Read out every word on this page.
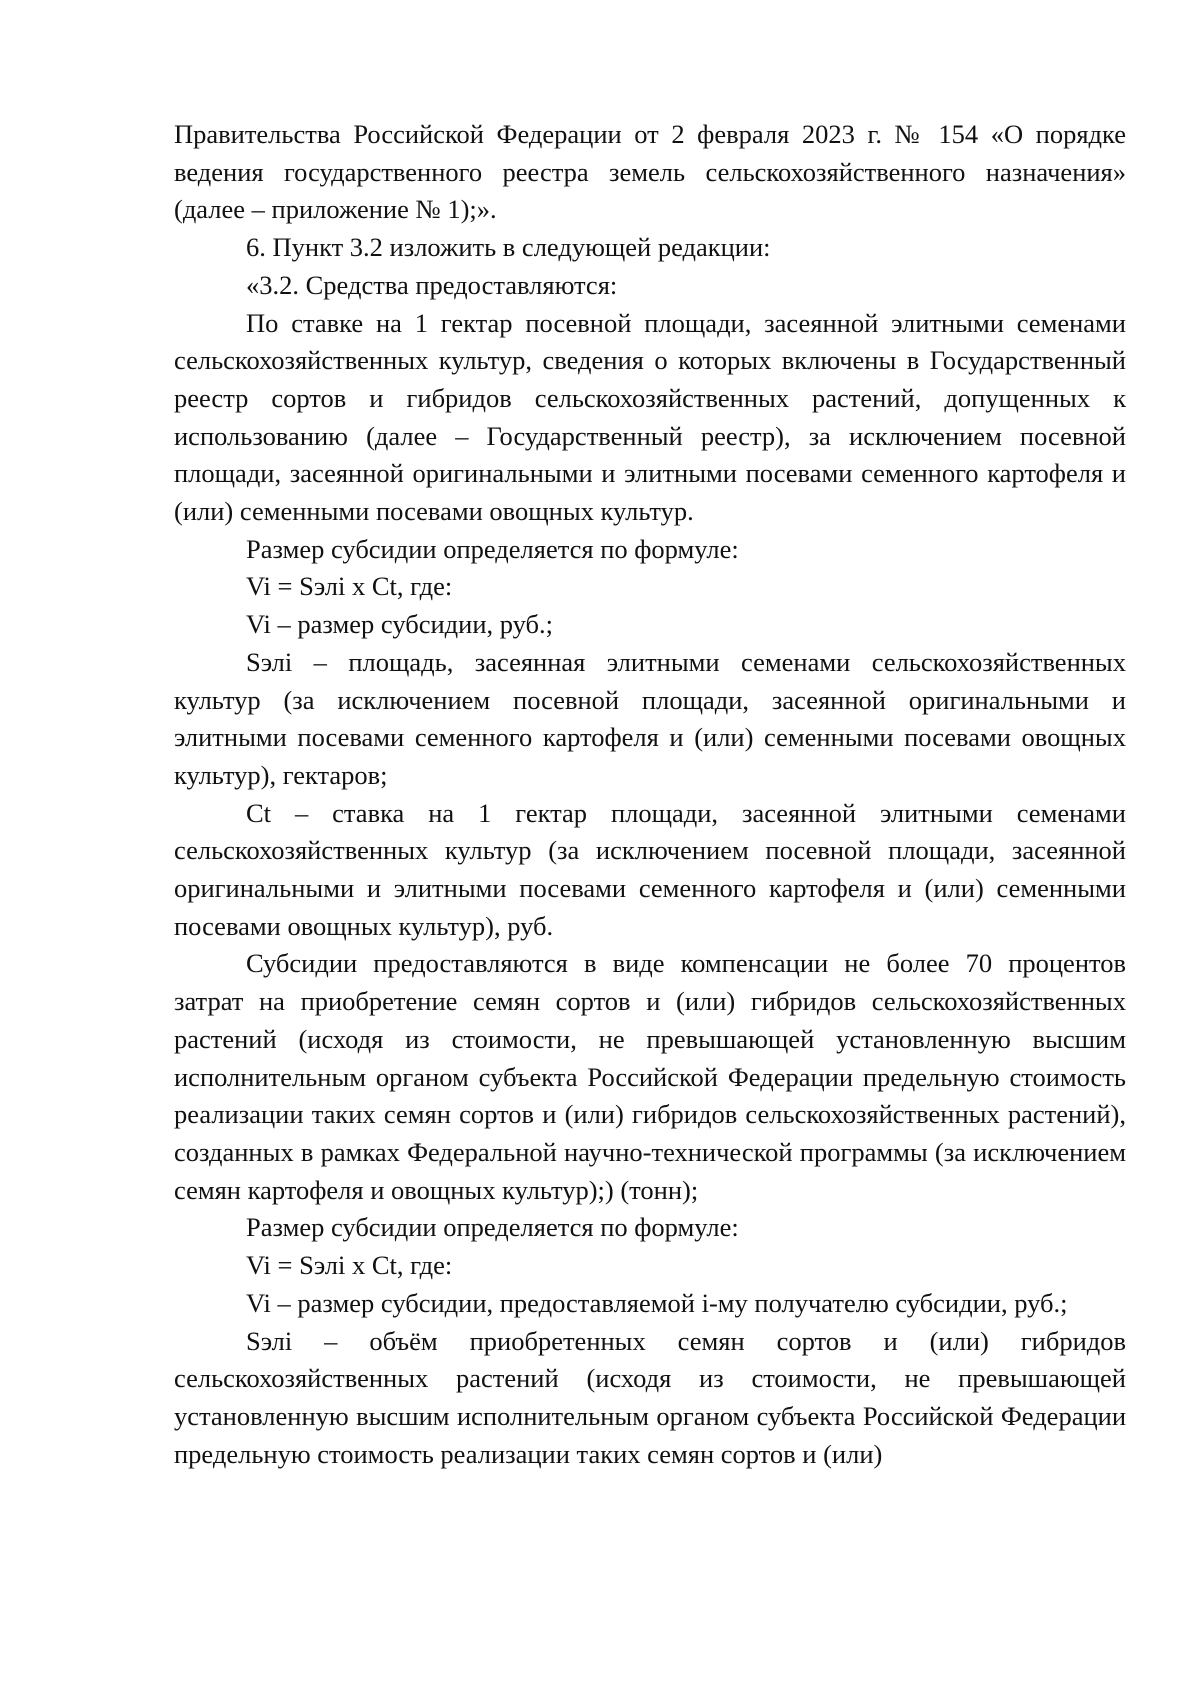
Правительства Российской Федерации от 2 февраля 2023 г. № 154 «О порядке ведения государственного реестра земель сельскохозяйственного назначения» (далее – приложение № 1);».

6. Пункт 3.2 изложить в следующей редакции:

«3.2. Средства предоставляются:

По ставке на 1 гектар посевной площади, засеянной элитными семенами сельскохозяйственных культур, сведения о которых включены в Государственный реестр сортов и гибридов сельскохозяйственных растений, допущенных к использованию (далее – Государственный реестр), за исключением посевной площади, засеянной оригинальными и элитными посевами семенного картофеля и (или) семенными посевами овощных культур.

Размер субсидии определяется по формуле:

Vi = Sэлi x Ct, где:

Vi – размер субсидии, руб.;

Sэлi – площадь, засеянная элитными семенами сельскохозяйственных культур (за исключением посевной площади, засеянной оригинальными и элитными посевами семенного картофеля и (или) семенными посевами овощных культур), гектаров;

Ct – ставка на 1 гектар площади, засеянной элитными семенами сельскохозяйственных культур (за исключением посевной площади, засеянной оригинальными и элитными посевами семенного картофеля и (или) семенными посевами овощных культур), руб.

Субсидии предоставляются в виде компенсации не более 70 процентов затрат на приобретение семян сортов и (или) гибридов сельскохозяйственных растений (исходя из стоимости, не превышающей установленную высшим исполнительным органом субъекта Российской Федерации предельную стоимость реализации таких семян сортов и (или) гибридов сельскохозяйственных растений), созданных в рамках Федеральной научно-технической программы (за исключением семян картофеля и овощных культур);) (тонн);

Размер субсидии определяется по формуле:

Vi = Sэлi x Ct, где:

Vi – размер субсидии, предоставляемой i-му получателю субсидии, руб.;

Sэлi – объём приобретенных семян сортов и (или) гибридов сельскохозяйственных растений (исходя из стоимости, не превышающей установленную высшим исполнительным органом субъекта Российской Федерации предельную стоимость реализации таких семян сортов и (или)
